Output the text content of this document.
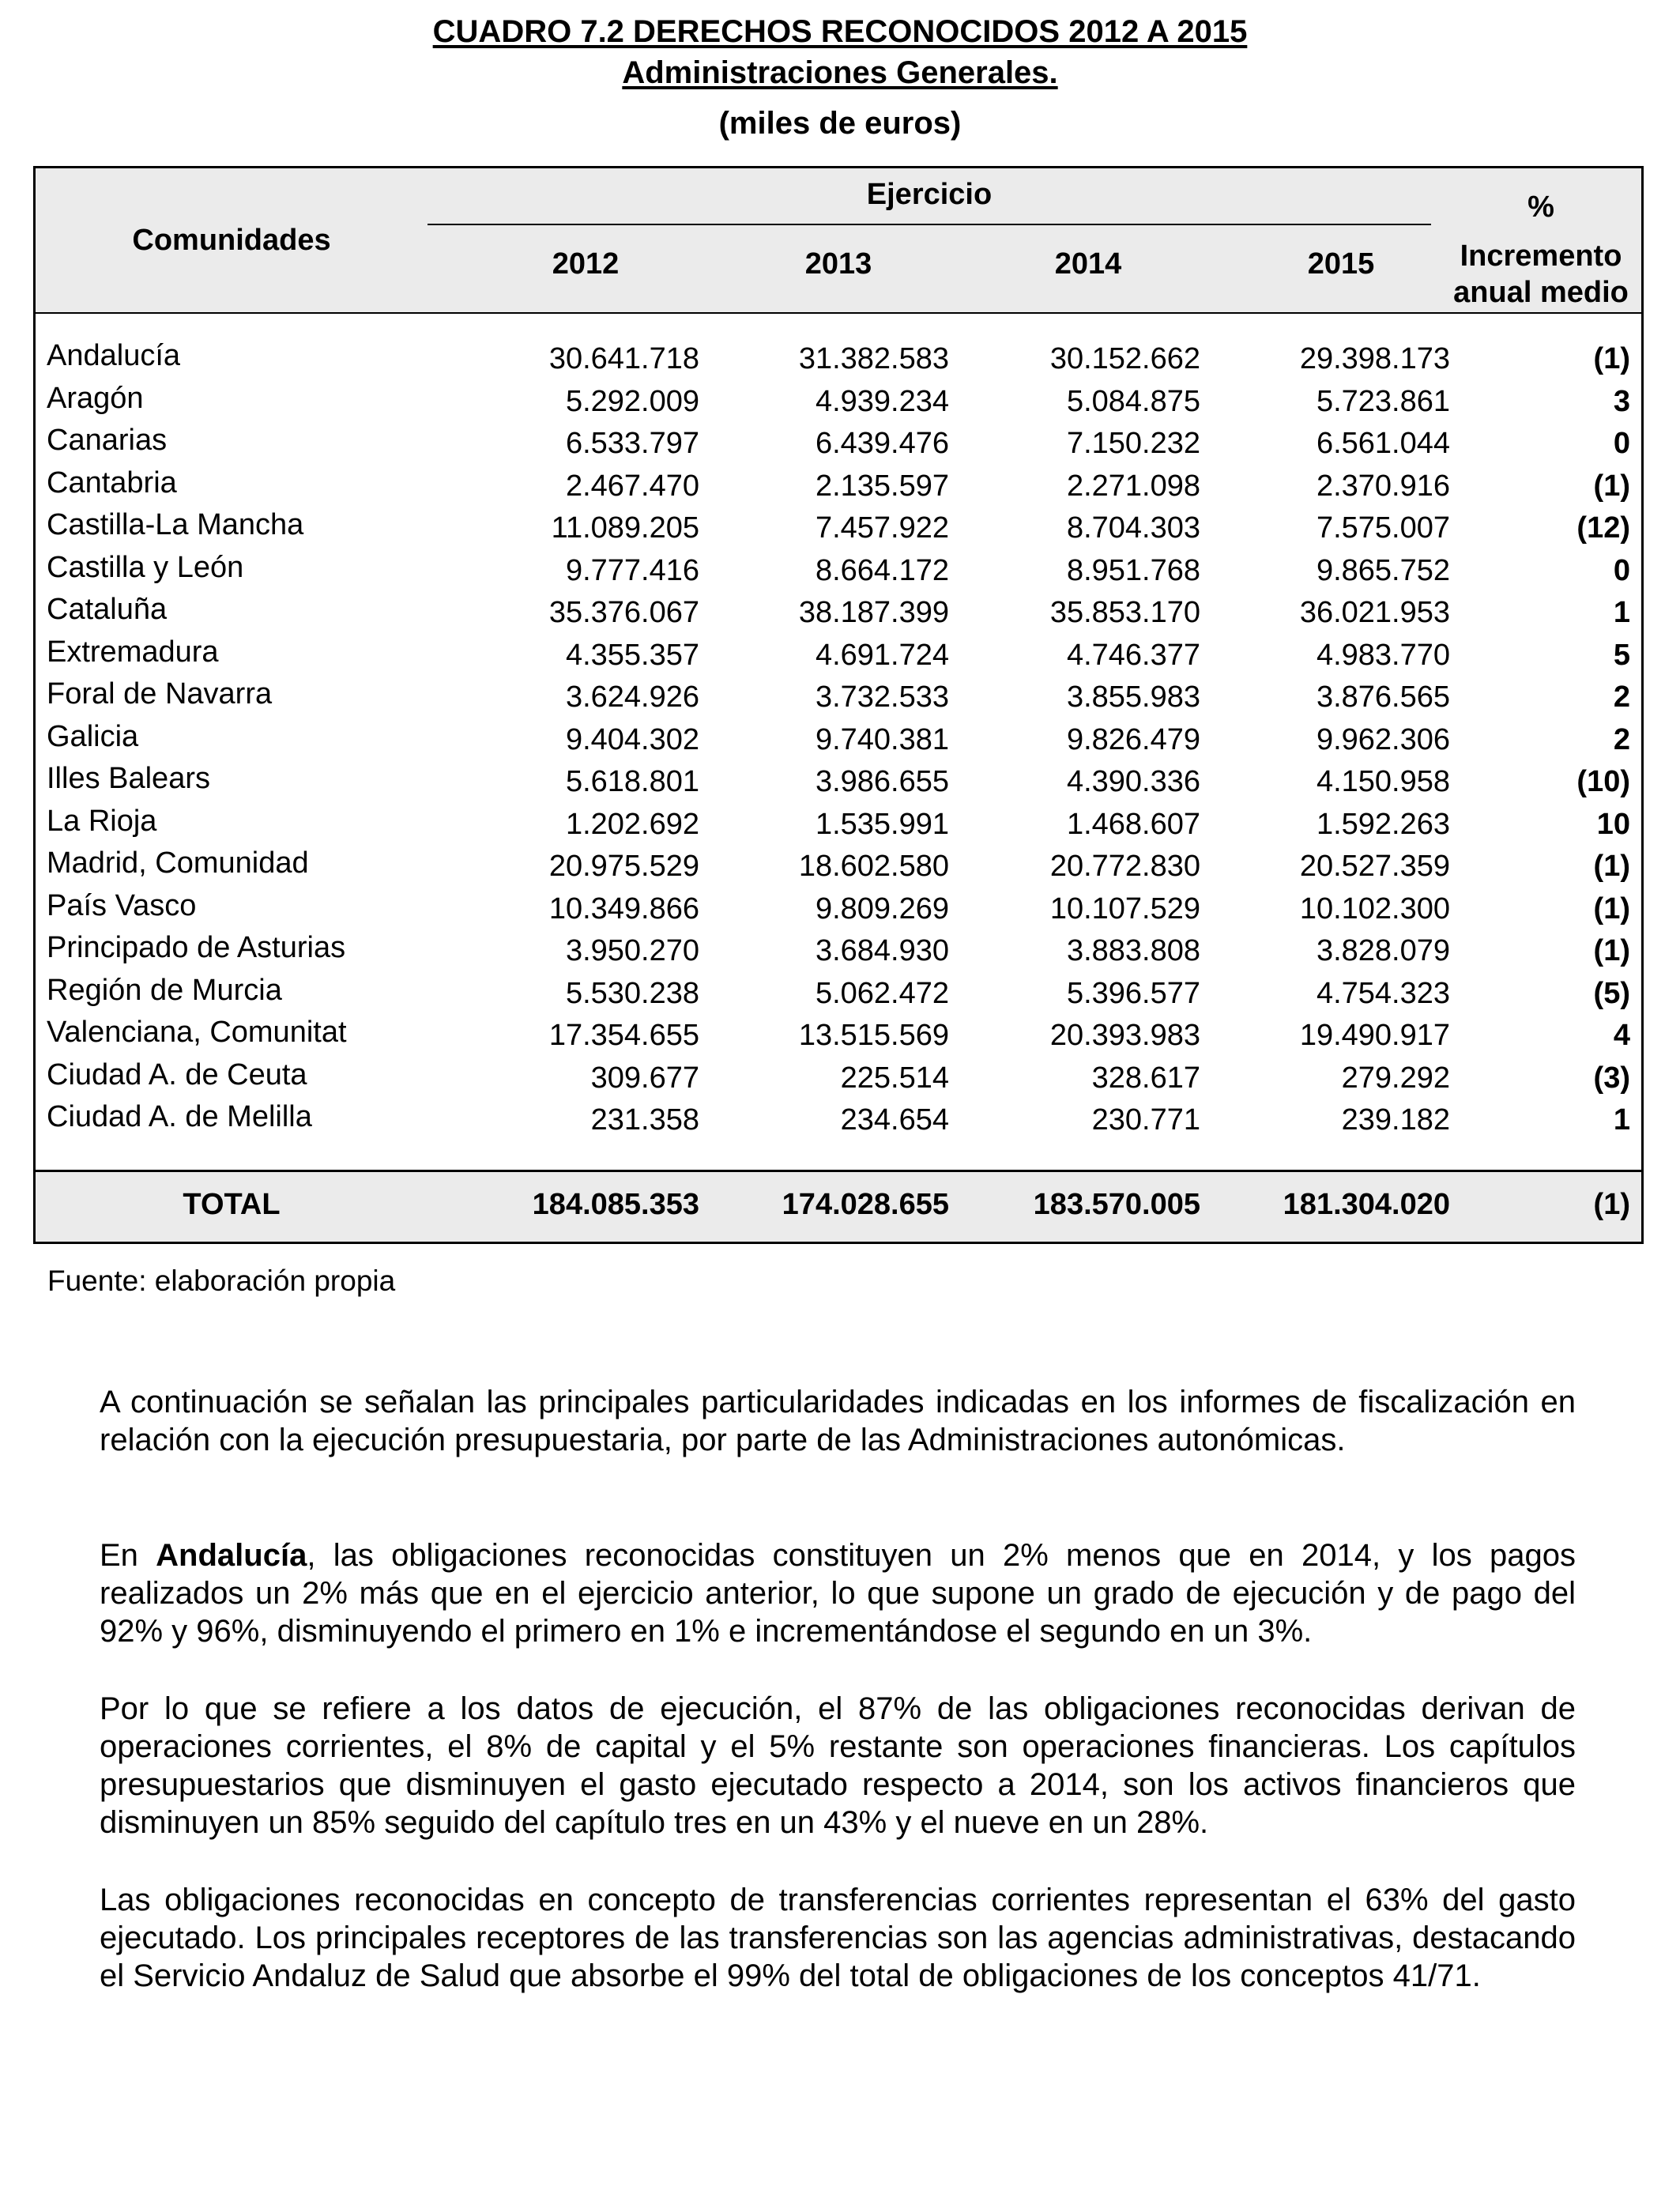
CUADRO 7.2 DERECHOS RECONOCIDOS 2012 A 2015
Administraciones Generales.
(miles de euros)
Comunidades
Ejercicio
2012	2013	2014	2015
%
Incremento
anual medio
Andalucía	30.641.718	31.382.583	30.152.662	29.398.173	(1)
Aragón	5.292.009	4.939.234	5.084.875	5.723.861	3
Canarias	6.533.797	6.439.476	7.150.232	6.561.044	0
Cantabria	2.467.470	2.135.597	2.271.098	2.370.916	(1)
Castilla-La Mancha	11.089.205	7.457.922	8.704.303	7.575.007	(12)
Castilla y León	9.777.416	8.664.172	8.951.768	9.865.752	0
Cataluña	35.376.067	38.187.399	35.853.170	36.021.953	1
Extremadura	4.355.357	4.691.724	4.746.377	4.983.770	5
Foral de Navarra	3.624.926	3.732.533	3.855.983	3.876.565	2
Galicia	9.404.302	9.740.381	9.826.479	9.962.306	2
Illes Balears	5.618.801	3.986.655	4.390.336	4.150.958	(10)
La Rioja	1.202.692	1.535.991	1.468.607	1.592.263	10
Madrid, Comunidad	20.975.529	18.602.580	20.772.830	20.527.359	(1)
País Vasco	10.349.866	9.809.269	10.107.529	10.102.300	(1)
Principado de Asturias	3.950.270	3.684.930	3.883.808	3.828.079	(1)
Región de Murcia	5.530.238	5.062.472	5.396.577	4.754.323	(5)
Valenciana, Comunitat	17.354.655	13.515.569	20.393.983	19.490.917	4
Ciudad A. de Ceuta	309.677	225.514	328.617	279.292	(3)
Ciudad A. de Melilla	231.358	234.654	230.771	239.182	1
TOTAL	184.085.353	174.028.655	183.570.005	181.304.020	(1)
Fuente: elaboración propia
A continuación se señalan las principales particularidades indicadas en los informes de fiscalización en relación con la ejecución presupuestaria, por parte de las Administraciones autonómicas.
En Andalucía, las obligaciones reconocidas constituyen un 2% menos que en 2014, y los pagos realizados un 2% más que en el ejercicio anterior, lo que supone un grado de ejecución y de pago del 92% y 96%, disminuyendo el primero en 1% e incrementándose el segundo en un 3%.
Por lo que se refiere a los datos de ejecución, el 87% de las obligaciones reconocidas derivan de operaciones corrientes, el 8% de capital y el 5% restante son operaciones financieras. Los capítulos presupuestarios que disminuyen el gasto ejecutado respecto a 2014, son los activos financieros que disminuyen un 85% seguido del capítulo tres en un 43% y el nueve en un 28%.
Las obligaciones reconocidas en concepto de transferencias corrientes representan el 63% del gasto ejecutado. Los principales receptores de las transferencias son las agencias administrativas, destacando el Servicio Andaluz de Salud que absorbe el 99% del total de obligaciones de los conceptos 41/71.
